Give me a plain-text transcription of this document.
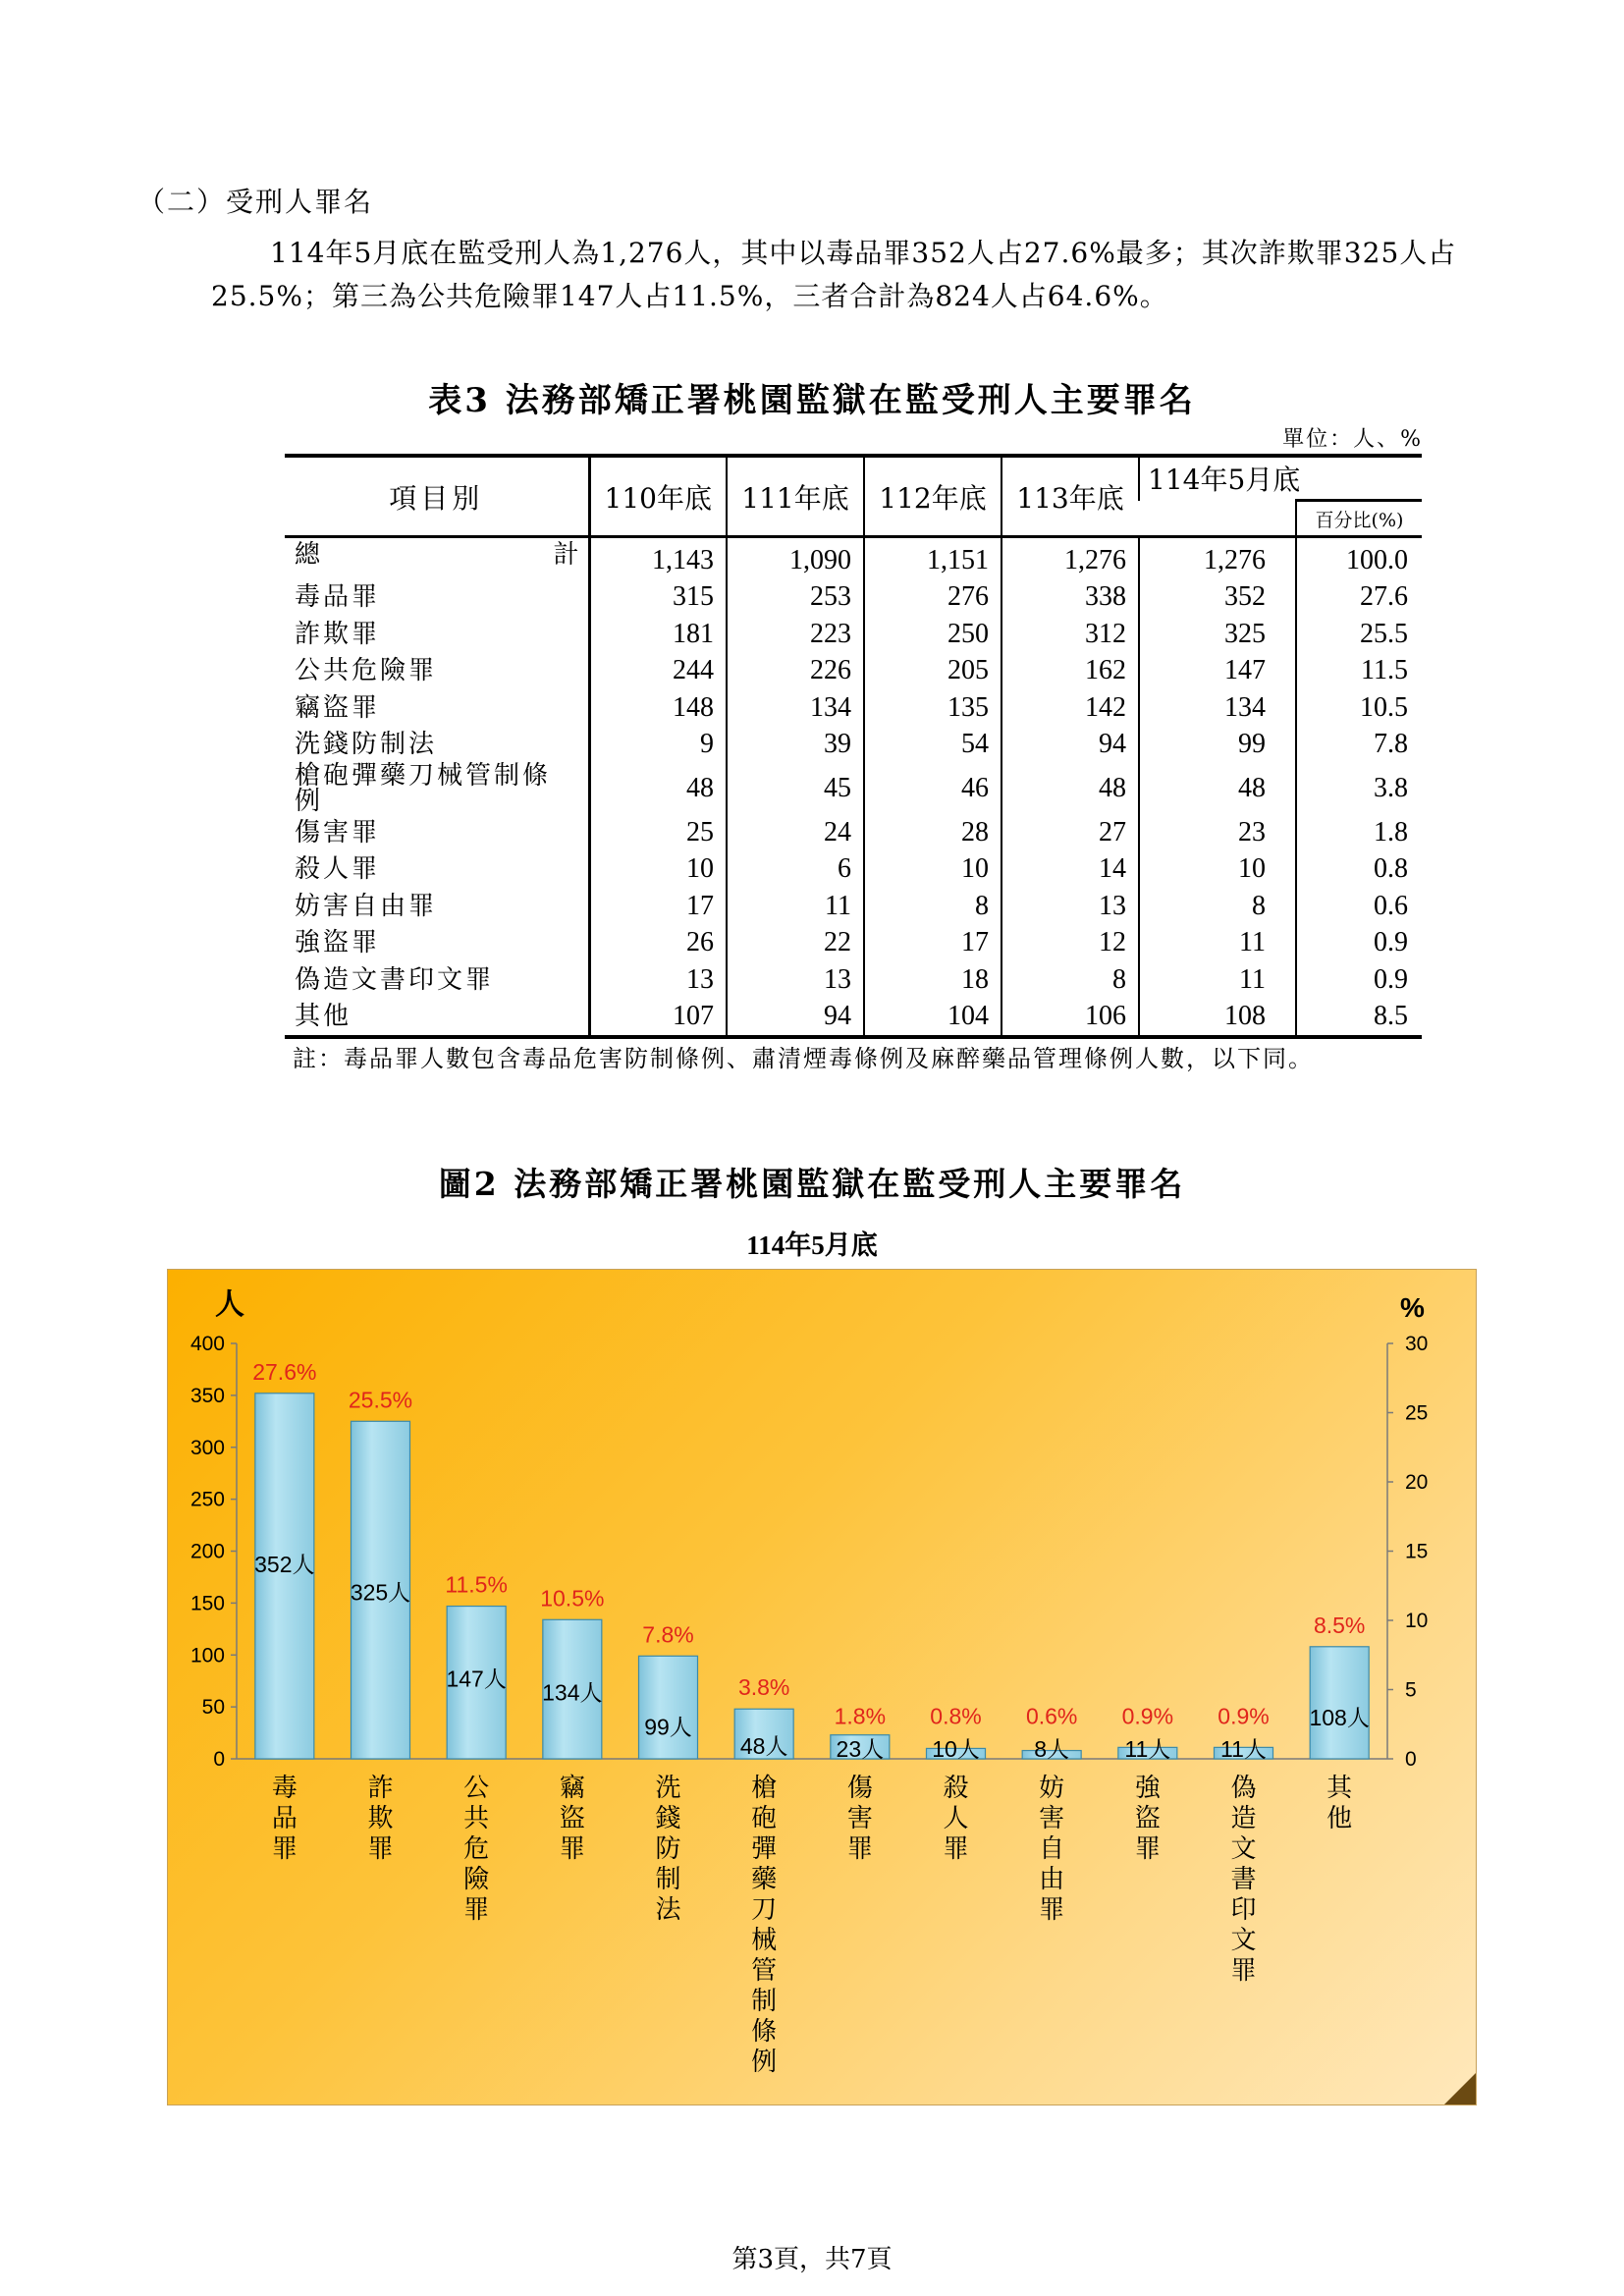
（二）受刑人罪名
114年5月底在監受刑人為1,276人，其中以毒品罪352人占27.6%最多；其次詐欺罪325人占
25.5%；第三為公共危險罪147人占11.5%，三者合計為824人占64.6%。
表3 法務部矯正署桃園監獄在監受刑人主要罪名
單位：人、%
項目別	110年底	111年底	112年底	113年底	114年5月底	
						百分比(%)

總	計	1,143	1,090	1,151	1,276	1,276	100.0
毒品罪	315	253	276	338	352	27.6
詐欺罪	181	223	250	312	325	25.5
公共危險罪	244	226	205	162	147	11.5
竊盜罪	148	134	135	142	134	10.5
洗錢防制法	9	39	54	94	99	7.8
槍砲彈藥刀械管制條例	48	45	46	48	48	3.8
傷害罪	25	24	28	27	23	1.8
殺人罪	10	6	10	14	10	0.8
妨害自由罪	17	11	8	13	8	0.6
強盜罪	26	22	17	12	11	0.9
偽造文書印文罪	13	13	18	8	11	0.9
其他	107	94	104	106	108	8.5
註：毒品罪人數包含毒品危害防制條例、肅清煙毒條例及麻醉藥品管理條例人數，以下同。
圖2 法務部矯正署桃園監獄在監受刑人主要罪名
114年5月底
人	%
0
50
100
150
200
250
300
350
400
0
5
10
15
20
25
30
352人
27.6%
毒
品
罪
325人
25.5%
詐
欺
罪
147人
11.5%
公
共
危
險
罪
134人
10.5%
竊
盜
罪
99人
7.8%
洗
錢
防
制
法
48人
3.8%
槍
砲
彈
藥
刀
械
管
制
條
例
23人
1.8%
傷
害
罪
10人
0.8%
殺
人
罪
8人
0.6%
妨
害
自
由
罪
11人
0.9%
強
盜
罪
11人
0.9%
偽
造
文
書
印
文
罪
108人
8.5%
其
他
第3頁，共7頁
